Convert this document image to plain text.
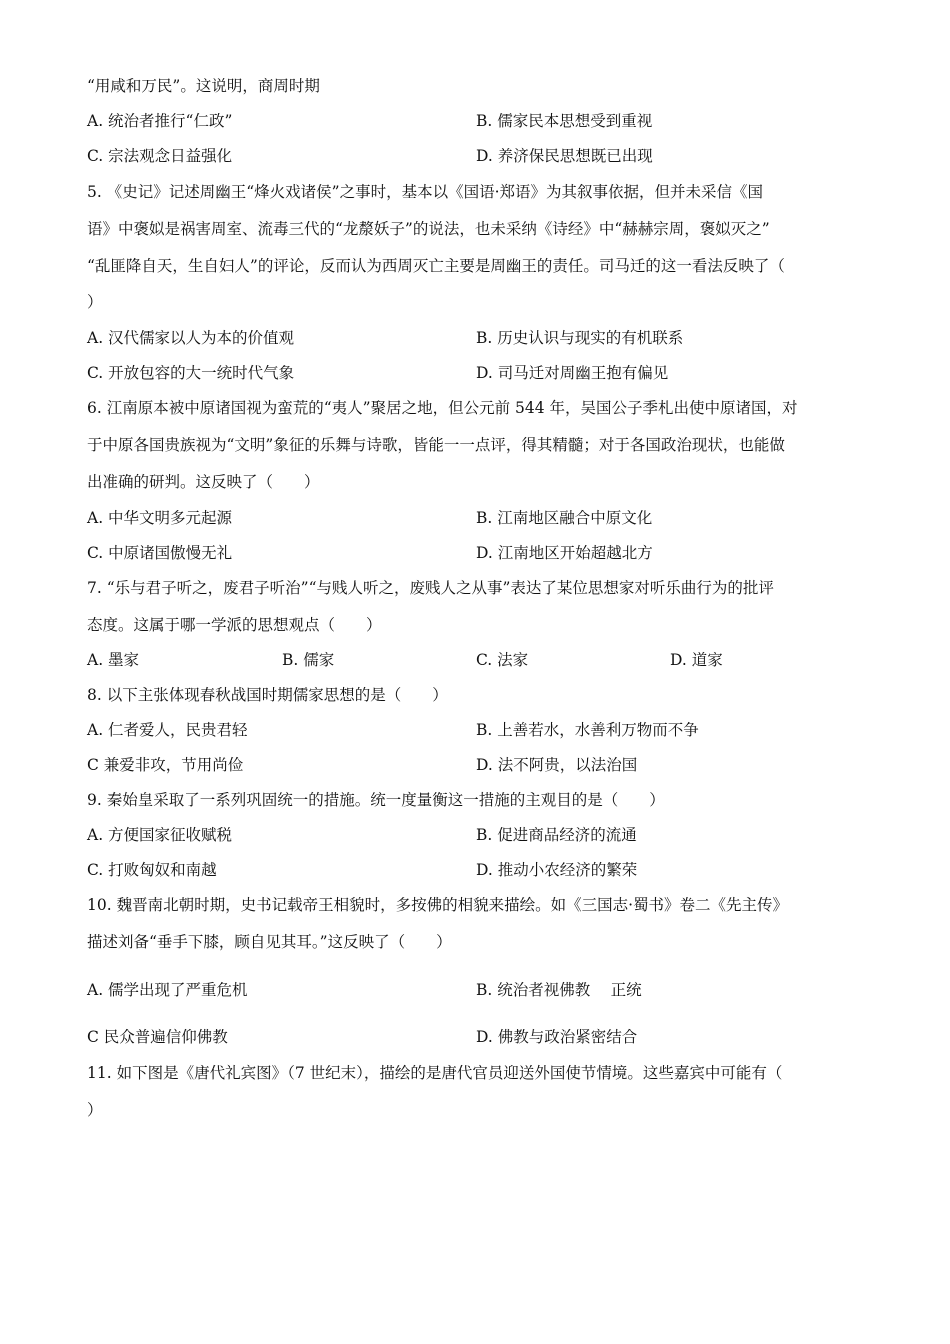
“用咸和万民”。这说明，商周时期
A. 统治者推行“仁政”	B. 儒家民本思想受到重视
C. 宗法观念日益强化	D. 养济保民思想既已出现
5. 《史记》记述周幽王“烽火戏诸侯”之事时，基本以《国语·郑语》为其叙事依据，但并未采信《国
语》中褒姒是祸害周室、流毒三代的“龙漦妖子”的说法，也未采纳《诗经》中“赫赫宗周，褒姒灭之”
“乱匪降自天，生自妇人”的评论，反而认为西周灭亡主要是周幽王的责任。司马迁的这一看法反映了（
）
A. 汉代儒家以人为本的价值观	B. 历史认识与现实的有机联系
C. 开放包容的大一统时代气象	D. 司马迁对周幽王抱有偏见
6. 江南原本被中原诸国视为蛮荒的“夷人”聚居之地，但公元前 544 年，吴国公子季札出使中原诸国，对
于中原各国贵族视为“文明”象征的乐舞与诗歌，皆能一一点评，得其精髓；对于各国政治现状，也能做
出准确的研判。这反映了（　　）
A. 中华文明多元起源	B. 江南地区融合中原文化
C. 中原诸国傲慢无礼	D. 江南地区开始超越北方
7. “乐与君子听之，废君子听治”“与贱人听之，废贱人之从事”表达了某位思想家对听乐曲行为的批评
态度。这属于哪一学派的思想观点（　　）
A. 墨家	B. 儒家	C. 法家	D. 道家
8. 以下主张体现春秋战国时期儒家思想的是（　　）
A. 仁者爱人，民贵君轻	B. 上善若水，水善利万物而不争
C 兼爱非攻，节用尚俭	D. 法不阿贵，以法治国
9. 秦始皇采取了一系列巩固统一的措施。统一度量衡这一措施的主观目的是（　　）
A. 方便国家征收赋税	B. 促进商品经济的流通
C. 打败匈奴和南越	D. 推动小农经济的繁荣
10. 魏晋南北朝时期，史书记载帝王相貌时，多按佛的相貌来描绘。如《三国志·蜀书》卷二《先主传》
描述刘备“垂手下膝，顾自见其耳。”这反映了（　　）
A. 儒学出现了严重危机	B. 统治者视佛教　 正统
C 民众普遍信仰佛教	D. 佛教与政治紧密结合
11. 如下图是《唐代礼宾图》（7 世纪末），描绘的是唐代官员迎送外国使节情境。这些嘉宾中可能有（
）
